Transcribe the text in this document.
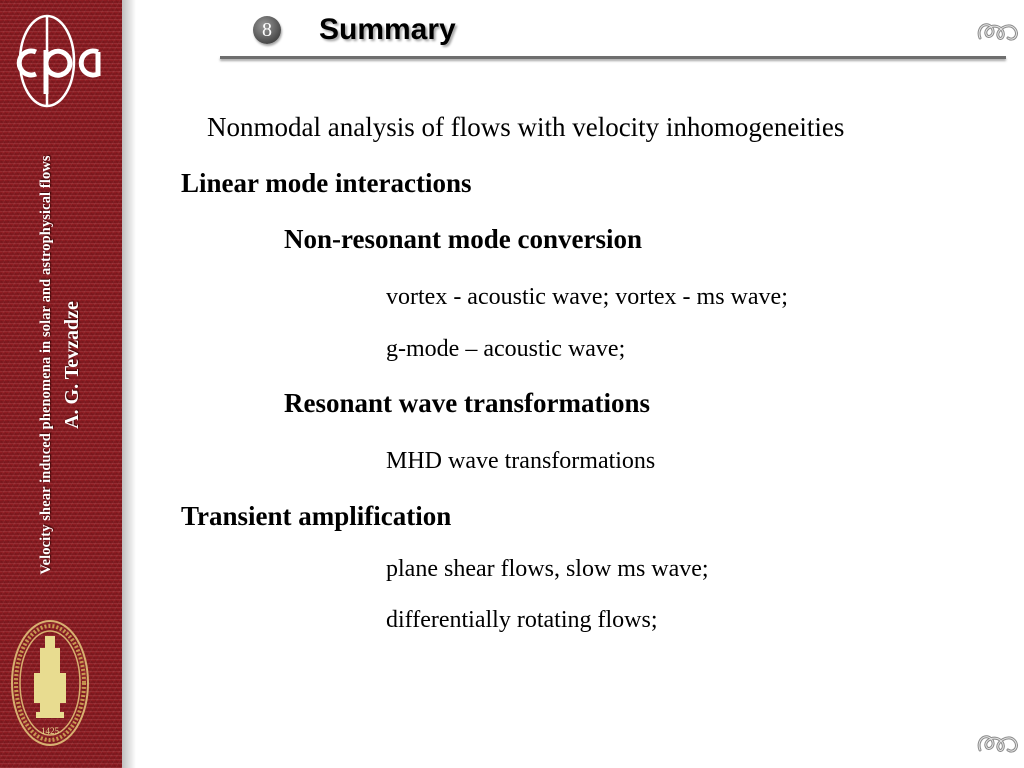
Velocity shear induced phenomena in solar and astrophysical flows A. G. Tevzadze
1425
8	Summary
Nonmodal analysis of flows with velocity inhomogeneities
Linear mode interactions
Non-resonant mode conversion
vortex - acoustic wave; vortex - ms wave;
g-mode – acoustic wave;
Resonant wave transformations
MHD wave transformations
Transient amplification
plane shear flows, slow ms wave;
differentially rotating flows;
